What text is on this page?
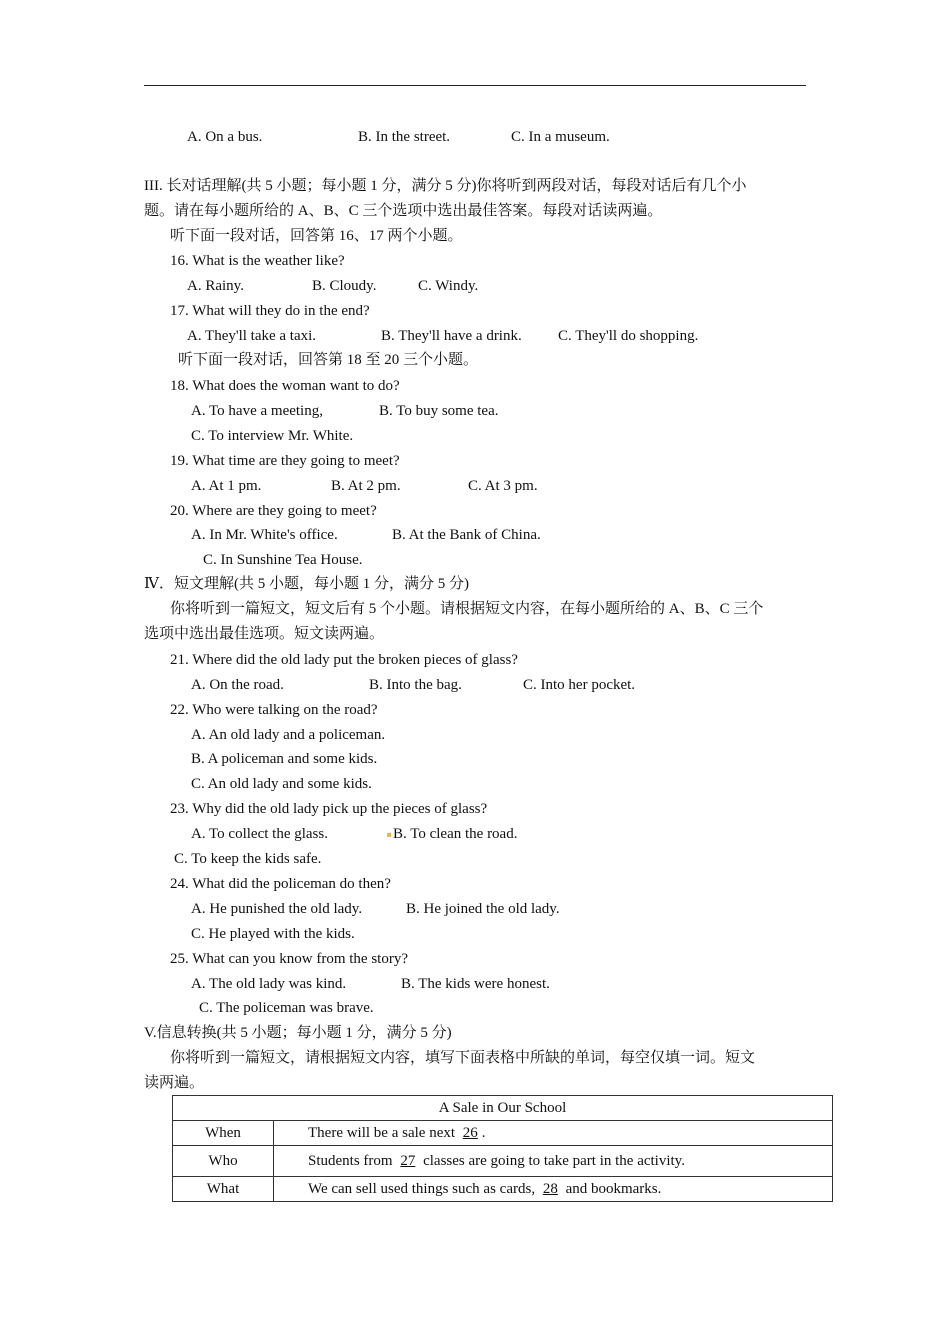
A. On a bus.	B. In the street.	C. In a museum.
III. 长对话理解(共 5 小题；每小题 1 分，满分 5 分)你将听到两段对话，每段对话后有几个小
题。请在每小题所给的 A、B、C 三个选项中选出最佳答案。每段对话读两遍。
听下面一段对话，回答第 16、17 两个小题。
16. What is the weather like?
A. Rainy.	B. Cloudy.	C. Windy.
17. What will they do in the end?
A. They'll take a taxi.	B. They'll have a drink. C. They'll do shopping.
听下面一段对话，回答第 18 至 20 三个小题。
18. What does the woman want to do?
A. To have a meeting,	B. To buy some tea.
C. To interview Mr. White.
19. What time are they going to meet?
A. At 1 pm.	B. At 2 pm.	C. At 3 pm.
20. Where are they going to meet?
A. In Mr. White's office.	B. At the Bank of China.
C. In Sunshine Tea House.
Ⅳ．短文理解(共 5 小题，每小题 1 分，满分 5 分)
你将听到一篇短文，短文后有 5 个小题。请根据短文内容，在每小题所给的 A、B、C 三个
选项中选出最佳选项。短文读两遍。
21. Where did the old lady put the broken pieces of glass?
A. On the road.	B. Into the bag.	C. Into her pocket.
22. Who were talking on the road?
A. An old lady and a policeman.
B. A policeman and some kids.
C. An old lady and some kids.
23. Why did the old lady pick up the pieces of glass?
A. To collect the glass.	B. To clean the road.
C. To keep the kids safe.
24. What did the policeman do then?
A. He punished the old lady.	B. He joined the old lady.
C. He played with the kids.
25. What can you know from the story?
A. The old lady was kind.	B. The kids were honest.
C. The policeman was brave.
V.信息转换(共 5 小题；每小题 1 分，满分 5 分)
你将听到一篇短文，请根据短文内容，填写下面表格中所缺的单词，每空仅填一词。短文
读两遍。
A Sale in Our School	
When	There will be a sale next 26 .
Who	Students from 27 classes are going to take part in the activity.
What	We can sell used things such as cards, 28 and bookmarks.
